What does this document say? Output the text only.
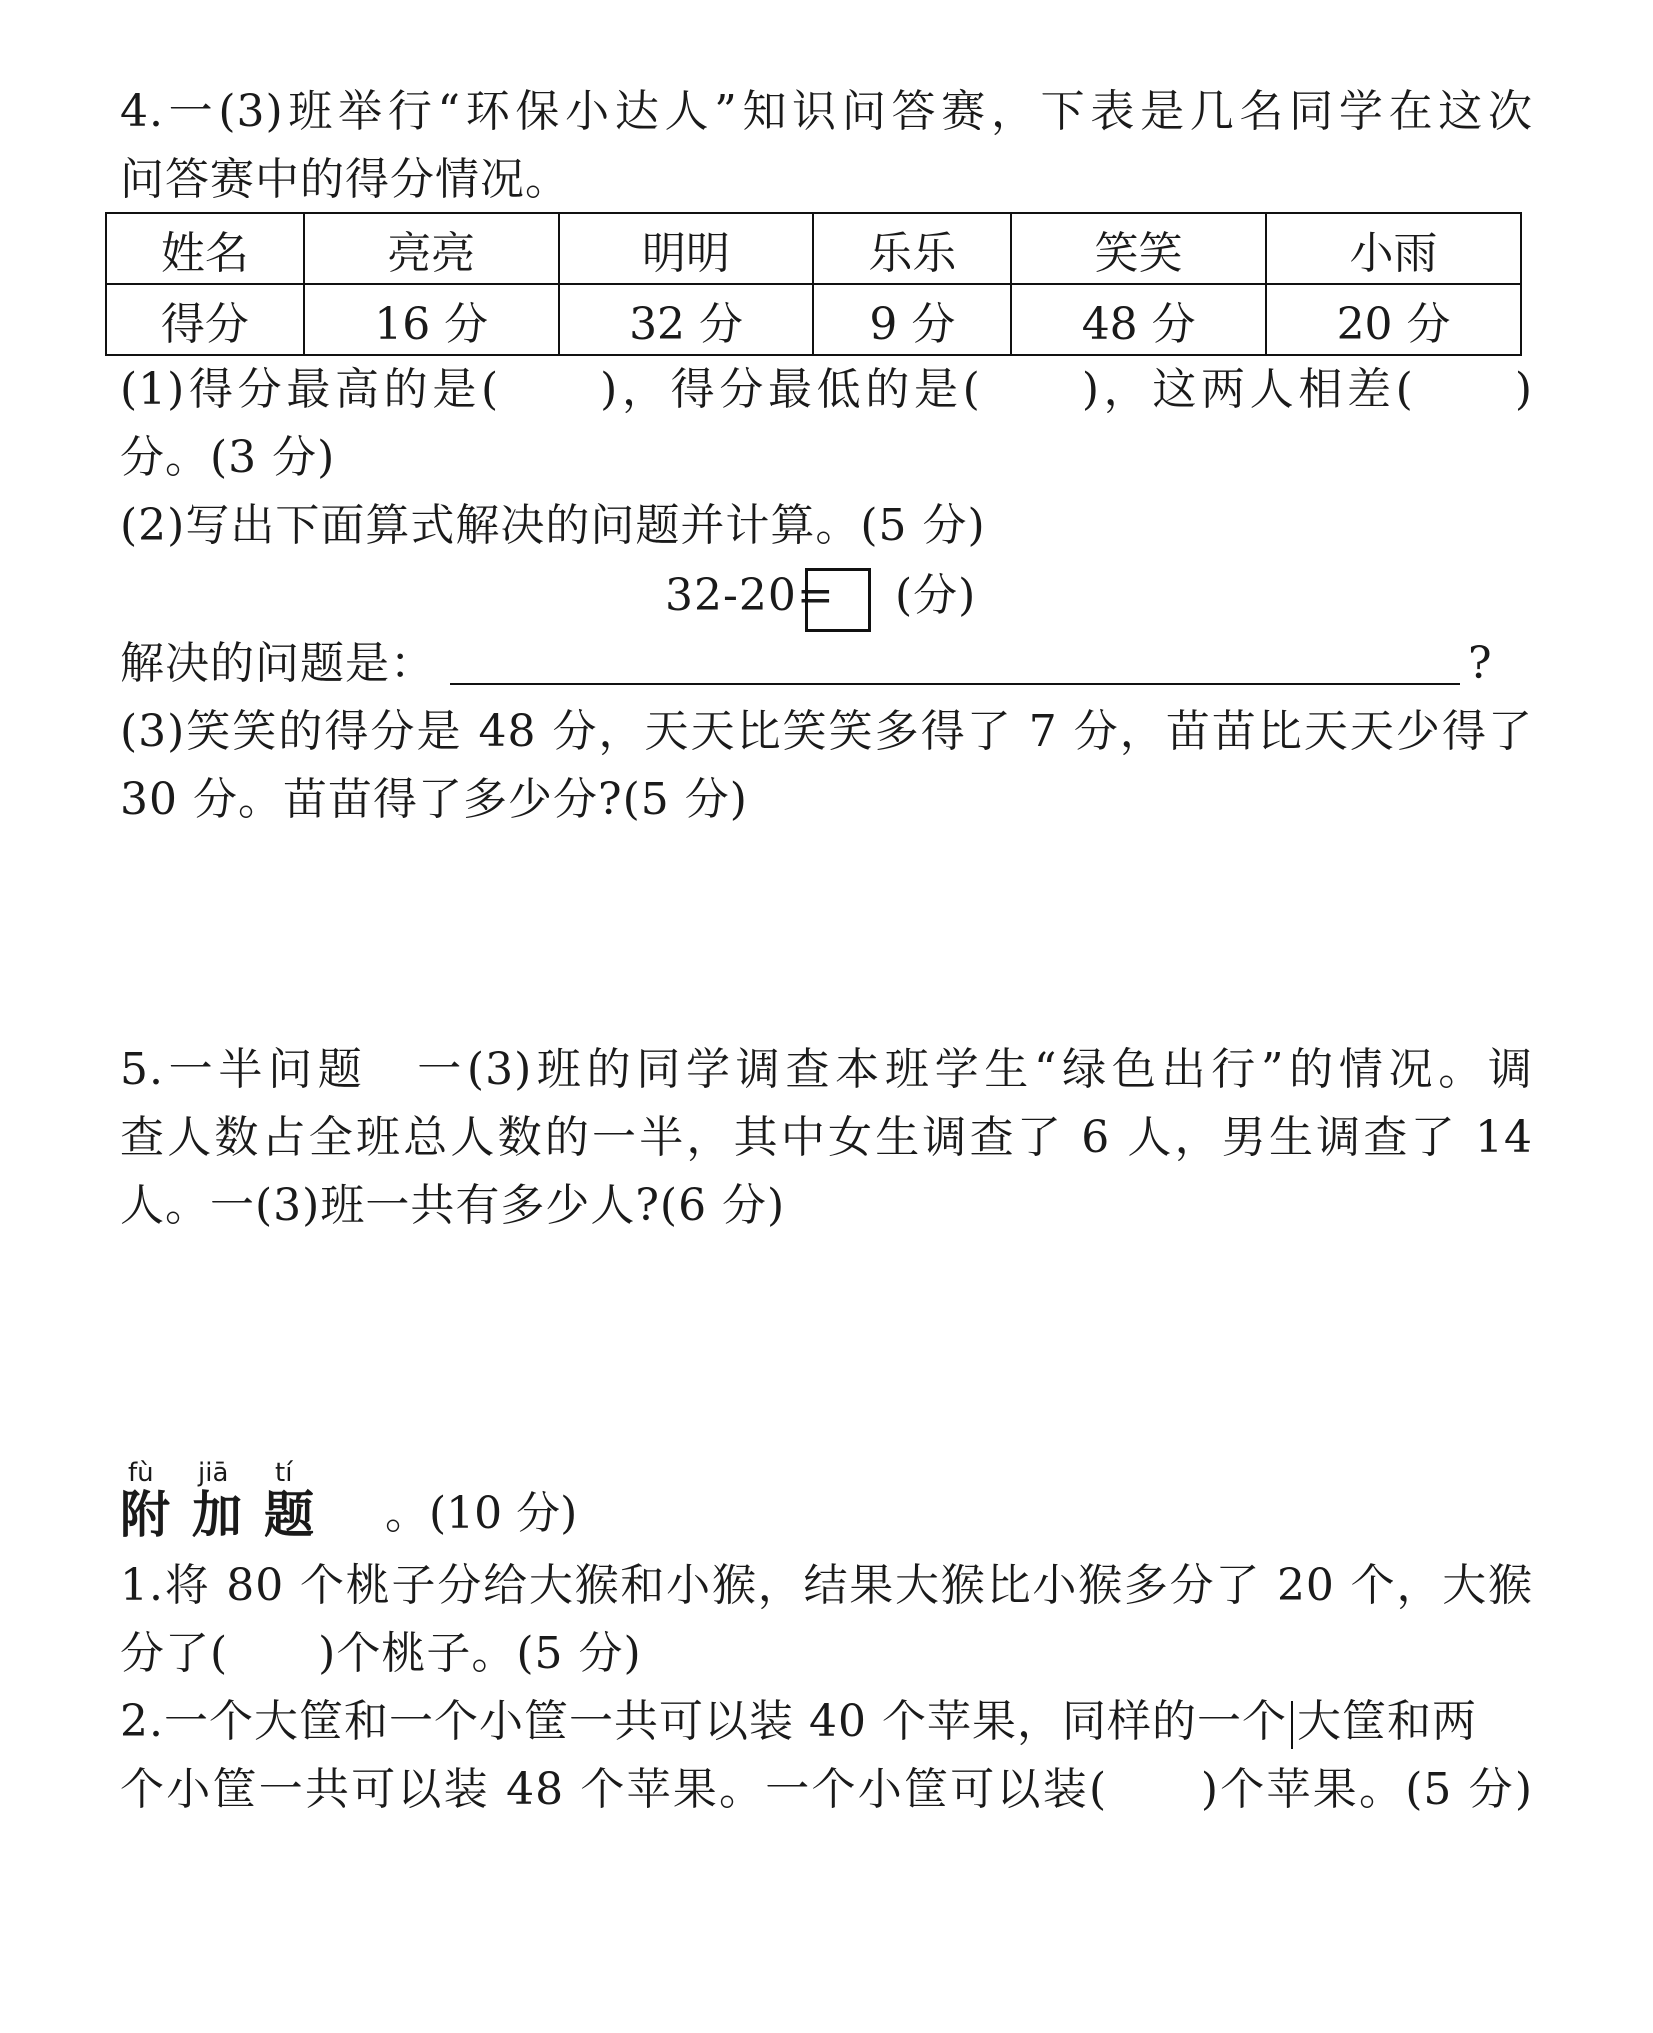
4.一(3)班举行“环保小达人”知识问答赛，下表是几名同学在这次
问答赛中的得分情况。
姓名	亮亮	明明	乐乐	笑笑	小雨
得分	16 分	32 分	9 分	48 分	20 分
(1)得分最高的是(　　)，得分最低的是(　　)，这两人相差(　　)
分。(3 分)
(2)写出下面算式解决的问题并计算。(5 分)
32-20= (分)
解决的问题是：	?
(3)笑笑的得分是 48 分，天天比笑笑多得了 7 分，苗苗比天天少得了
30 分。苗苗得了多少分?(5 分)
5.一半问题　一(3)班的同学调查本班学生“绿色出行”的情况。调
查人数占全班总人数的一半，其中女生调查了 6 人，男生调查了 14
人。一(3)班一共有多少人?(6 分)
fù jiā tí
附加题 。(10 分)
1.将 80 个桃子分给大猴和小猴，结果大猴比小猴多分了 20 个，大猴
分了(　　)个桃子。(5 分)
2.一个大筐和一个小筐一共可以装 40 个苹果，同样的一个 大筐和两
个小筐一共可以装 48 个苹果。一个小筐可以装(　　)个苹果。(5 分)
